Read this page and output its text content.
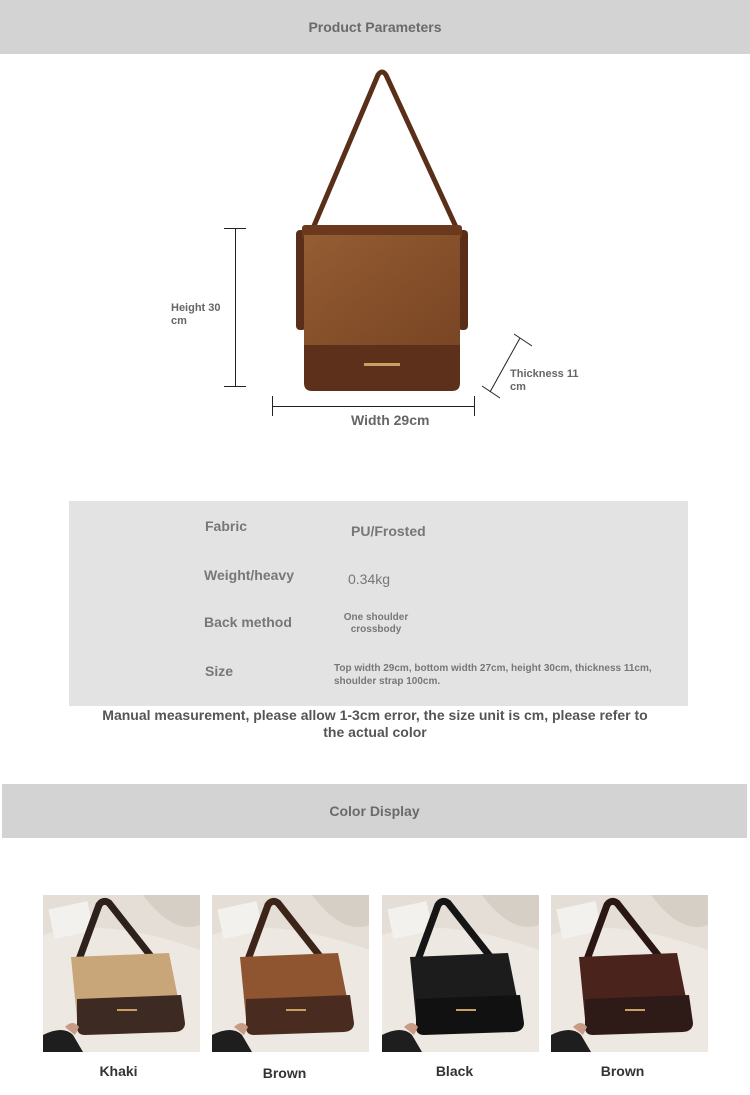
Product Parameters
Height 30 cm
Width 29cm
Thickness 11 cm
Fabric	PU/Frosted
Weight/heavy	0.34kg
Back method	One shoulder crossbody
Size	Top width 29cm, bottom width 27cm, height 30cm, thickness 11cm, shoulder strap 100cm.
Manual measurement, please allow 1-3cm error, the size unit is cm, please refer to the actual color
Color Display
Khaki	Brown	Black	Brown
